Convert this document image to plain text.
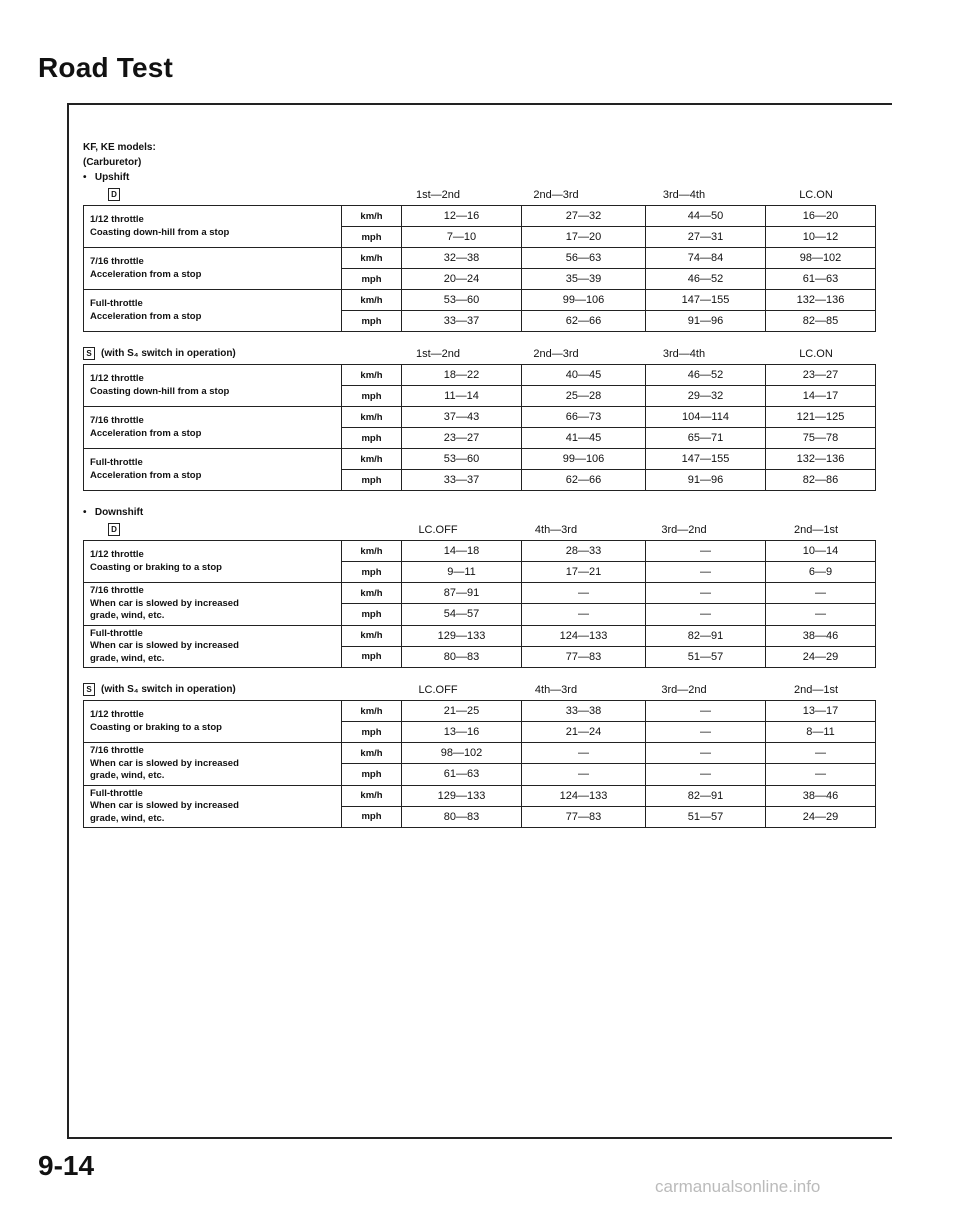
Road Test
KF, KE models:
(Carburetor)
•   Upshift
D	1st—2nd	2nd—3rd	3rd—4th	LC.ON
1/12 throttle
Coasting down-hill from a stop	km/h	12—16	27—32	44—50	16—20
	mph	7—10	17—20	27—31	10—12

7/16 throttle
Acceleration from a stop	km/h	32—38	56—63	74—84	98—102
	mph	20—24	35—39	46—52	61—63

Full-throttle
Acceleration from a stop	km/h	53—60	99—106	147—155	132—136
	mph	33—37	62—66	91—96	82—85
S (with S₄ switch in operation)	1st—2nd	2nd—3rd	3rd—4th	LC.ON
1/12 throttle
Coasting down-hill from a stop	km/h	18—22	40—45	46—52	23—27
	mph	11—14	25—28	29—32	14—17

7/16 throttle
Acceleration from a stop	km/h	37—43	66—73	104—114	121—125
	mph	23—27	41—45	65—71	75—78

Full-throttle
Acceleration from a stop	km/h	53—60	99—106	147—155	132—136
	mph	33—37	62—66	91—96	82—86
•   Downshift
D	LC.OFF	4th—3rd	3rd—2nd	2nd—1st
1/12 throttle
Coasting or braking to a stop	km/h	14—18	28—33	—	10—14
	mph	9—11	17—21	—	6—9

7/16 throttle
When car is slowed by increased
grade, wind, etc.	km/h	87—91	—	—	—
	mph	54—57	—	—	—

Full-throttle
When car is slowed by increased
grade, wind, etc.	km/h	129—133	124—133	82—91	38—46
	mph	80—83	77—83	51—57	24—29
S (with S₄ switch in operation)	LC.OFF	4th—3rd	3rd—2nd	2nd—1st
1/12 throttle
Coasting or braking to a stop	km/h	21—25	33—38	—	13—17
	mph	13—16	21—24	—	8—11

7/16 throttle
When car is slowed by increased
grade, wind, etc.	km/h	98—102	—	—	—
	mph	61—63	—	—	—

Full-throttle
When car is slowed by increased
grade, wind, etc.	km/h	129—133	124—133	82—91	38—46
	mph	80—83	77—83	51—57	24—29
9-14
carmanualsonline.info
